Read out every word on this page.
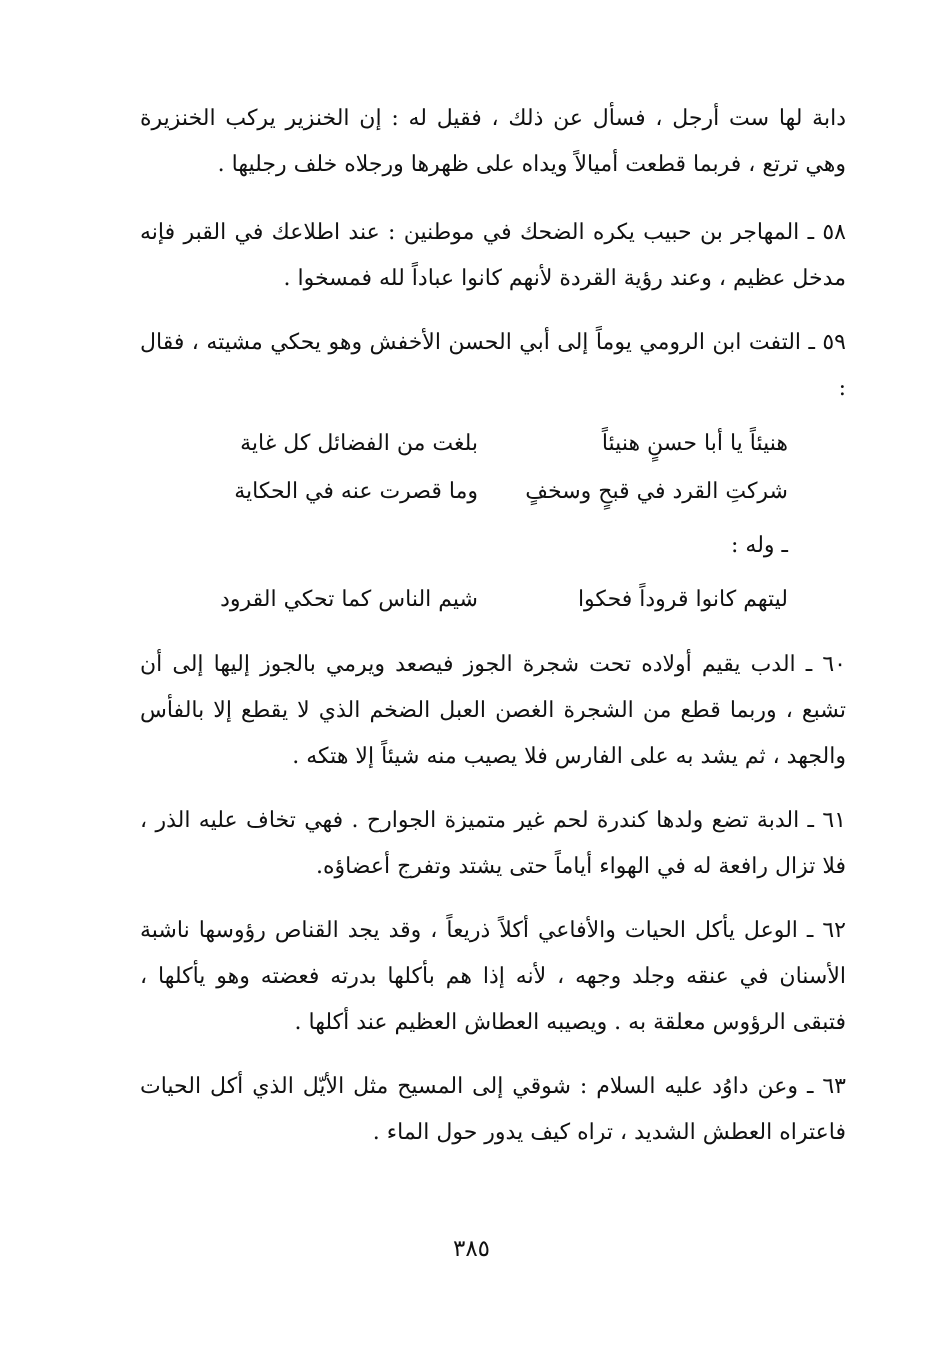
دابة لها ست أرجل ، فسأل عن ذلك ، فقيل له : إن الخنزير يركب الخنزيرة وهي ترتع ، فربما قطعت أميالاً ويداه على ظهرها ورجلاه خلف رجليها .

٥٨ ـ المهاجر بن حبيب يكره الضحك في موطنين : عند اطلاعك في القبر فإنه مدخل عظيم ، وعند رؤية القردة لأنهم كانوا عباداً لله فمسخوا .

٥٩ ـ التفت ابن الرومي يوماً إلى أبي الحسن الأخفش وهو يحكي مشيته ، فقال :

هنيئاً يا أبا حسنٍ هنيئاً
بلغت من الفضائل كل غاية
شركتِ القرد في قبحٍ وسخفٍ
وما قصرت عنه في الحكاية
ـ وله :
ليتهم كانوا قروداً فحكوا
شيم الناس كما تحكي القرود

٦٠ ـ الدب يقيم أولاده تحت شجرة الجوز فيصعد ويرمي بالجوز إليها إلى أن تشبع ، وربما قطع من الشجرة الغصن العبل الضخم الذي لا يقطع إلا بالفأس والجهد ، ثم يشد به على الفارس فلا يصيب منه شيئاً إلا هتكه .

٦١ ـ الدبة تضع ولدها كندرة لحم غير متميزة الجوارح . فهي تخاف عليه الذر ، فلا تزال رافعة له في الهواء أياماً حتى يشتد وتفرج أعضاؤه.

٦٢ ـ الوعل يأكل الحيات والأفاعي أكلاً ذريعاً ، وقد يجد القناص رؤوسها ناشبة الأسنان في عنقه وجلد وجهه ، لأنه إذا هم بأكلها بدرته فعضته وهو يأكلها ، فتبقى الرؤوس معلقة به . ويصيبه العطاش العظيم عند أكلها .

٦٣ ـ وعن داوُد عليه السلام : شوقي إلى المسيح مثل الأيّل الذي أكل الحيات فاعتراه العطش الشديد ، تراه كيف يدور حول الماء .

٣٨٥
